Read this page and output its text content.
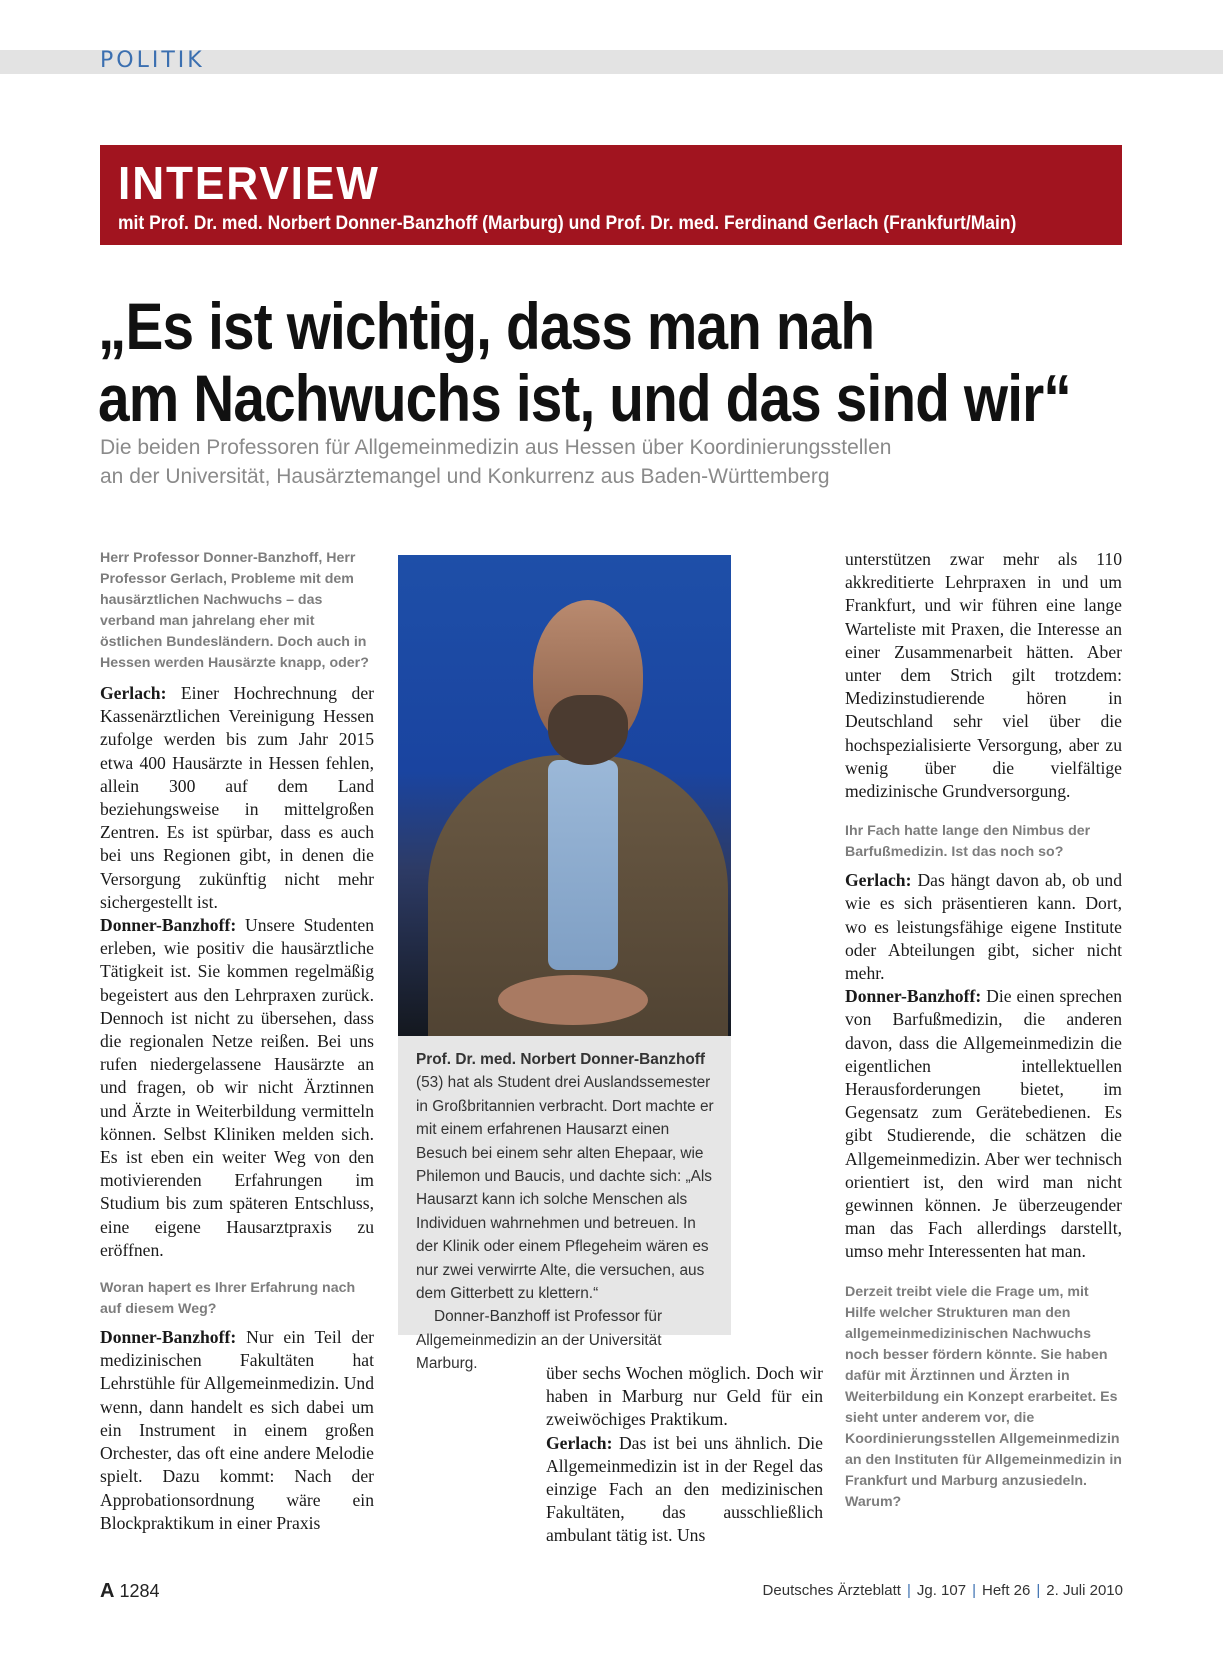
POLITIK
INTERVIEW
mit Prof. Dr. med. Norbert Donner-Banzhoff (Marburg) und Prof. Dr. med. Ferdinand Gerlach (Frankfurt/Main)
„Es ist wichtig, dass man nah
am Nachwuchs ist, und das sind wir“
Die beiden Professoren für Allgemeinmedizin aus Hessen über Koordinierungsstellen
an der Universität, Hausärztemangel und Konkurrenz aus Baden-Württemberg

Herr Professor Donner-Banzhoff, Herr Professor Gerlach, Probleme mit dem hausärztlichen Nachwuchs – das verband man jahrelang eher mit östlichen Bundesländern. Doch auch in Hessen werden Hausärzte knapp, oder?

Gerlach: Einer Hochrechnung der Kassenärztlichen Vereinigung Hessen zufolge werden bis zum Jahr 2015 etwa 400 Hausärzte in Hessen fehlen, allein 300 auf dem Land beziehungsweise in mittelgroßen Zentren. Es ist spürbar, dass es auch bei uns Regionen gibt, in denen die Versorgung zukünftig nicht mehr sichergestellt ist.

Donner-Banzhoff: Unsere Studenten erleben, wie positiv die hausärztliche Tätigkeit ist. Sie kommen regelmäßig begeistert aus den Lehrpraxen zurück. Dennoch ist nicht zu übersehen, dass die regionalen Netze reißen. Bei uns rufen niedergelassene Hausärzte an und fragen, ob wir nicht Ärztinnen und Ärzte in Weiterbildung vermitteln können. Selbst Kliniken melden sich. Es ist eben ein weiter Weg von den motivierenden Erfahrungen im Studium bis zum späteren Entschluss, eine eigene Hausarztpraxis zu eröffnen.

Woran hapert es Ihrer Erfahrung nach auf diesem Weg?

Donner-Banzhoff: Nur ein Teil der medizinischen Fakultäten hat Lehrstühle für Allgemeinmedizin. Und wenn, dann handelt es sich dabei um ein Instrument in einem großen Orchester, das oft eine andere Melodie spielt. Dazu kommt: Nach der Approbationsordnung wäre ein Blockpraktikum in einer Praxis

Prof. Dr. med. Norbert Donner-Banzhoff (53) hat als Student drei Auslandssemester in Großbritannien verbracht. Dort machte er mit einem erfahrenen Hausarzt einen Besuch bei einem sehr alten Ehepaar, wie Philemon und Baucis, und dachte sich: „Als Hausarzt kann ich solche Menschen als Individuen wahrnehmen und betreuen. In der Klinik oder einem Pflegeheim wären es nur zwei verwirrte Alte, die versuchen, aus dem Gitterbett zu klettern.“
Donner-Banzhoff ist Professor für Allgemeinmedizin an der Universität Marburg.	über sechs Wochen möglich. Doch wir haben in Marburg nur Geld für ein zweiwöchiges Praktikum.

Gerlach: Das ist bei uns ähnlich. Die Allgemeinmedizin ist in der Regel das einzige Fach an den medizinischen Fakultäten, das ausschließlich ambulant tätig ist. Uns

unterstützen zwar mehr als 110 akkreditierte Lehrpraxen in und um Frankfurt, und wir führen eine lange Warteliste mit Praxen, die Interesse an einer Zusammenarbeit hätten. Aber unter dem Strich gilt trotzdem: Medizinstudierende hören in Deutschland sehr viel über die hochspezialisierte Versorgung, aber zu wenig über die vielfältige medizinische Grundversorgung.

Ihr Fach hatte lange den Nimbus der Barfußmedizin. Ist das noch so?

Gerlach: Das hängt davon ab, ob und wie es sich präsentieren kann. Dort, wo es leistungsfähige eigene Institute oder Abteilungen gibt, sicher nicht mehr.

Donner-Banzhoff: Die einen sprechen von Barfußmedizin, die anderen davon, dass die Allgemeinmedizin die eigentlichen intellektuellen Herausforderungen bietet, im Gegensatz zum Gerätebedienen. Es gibt Studierende, die schätzen die Allgemeinmedizin. Aber wer technisch orientiert ist, den wird man nicht gewinnen können. Je überzeugender man das Fach allerdings darstellt, umso mehr Interessenten hat man.

Derzeit treibt viele die Frage um, mit Hilfe welcher Strukturen man den allgemeinmedizinischen Nachwuchs noch besser fördern könnte. Sie haben dafür mit Ärztinnen und Ärzten in Weiterbildung ein Konzept erarbeitet. Es sieht unter anderem vor, die Koordinierungsstellen Allgemeinmedizin an den Instituten für Allgemeinmedizin in Frankfurt und Marburg anzusiedeln. Warum?

A 1284	Deutsches Ärzteblatt | Jg. 107 | Heft 26 | 2. Juli 2010
